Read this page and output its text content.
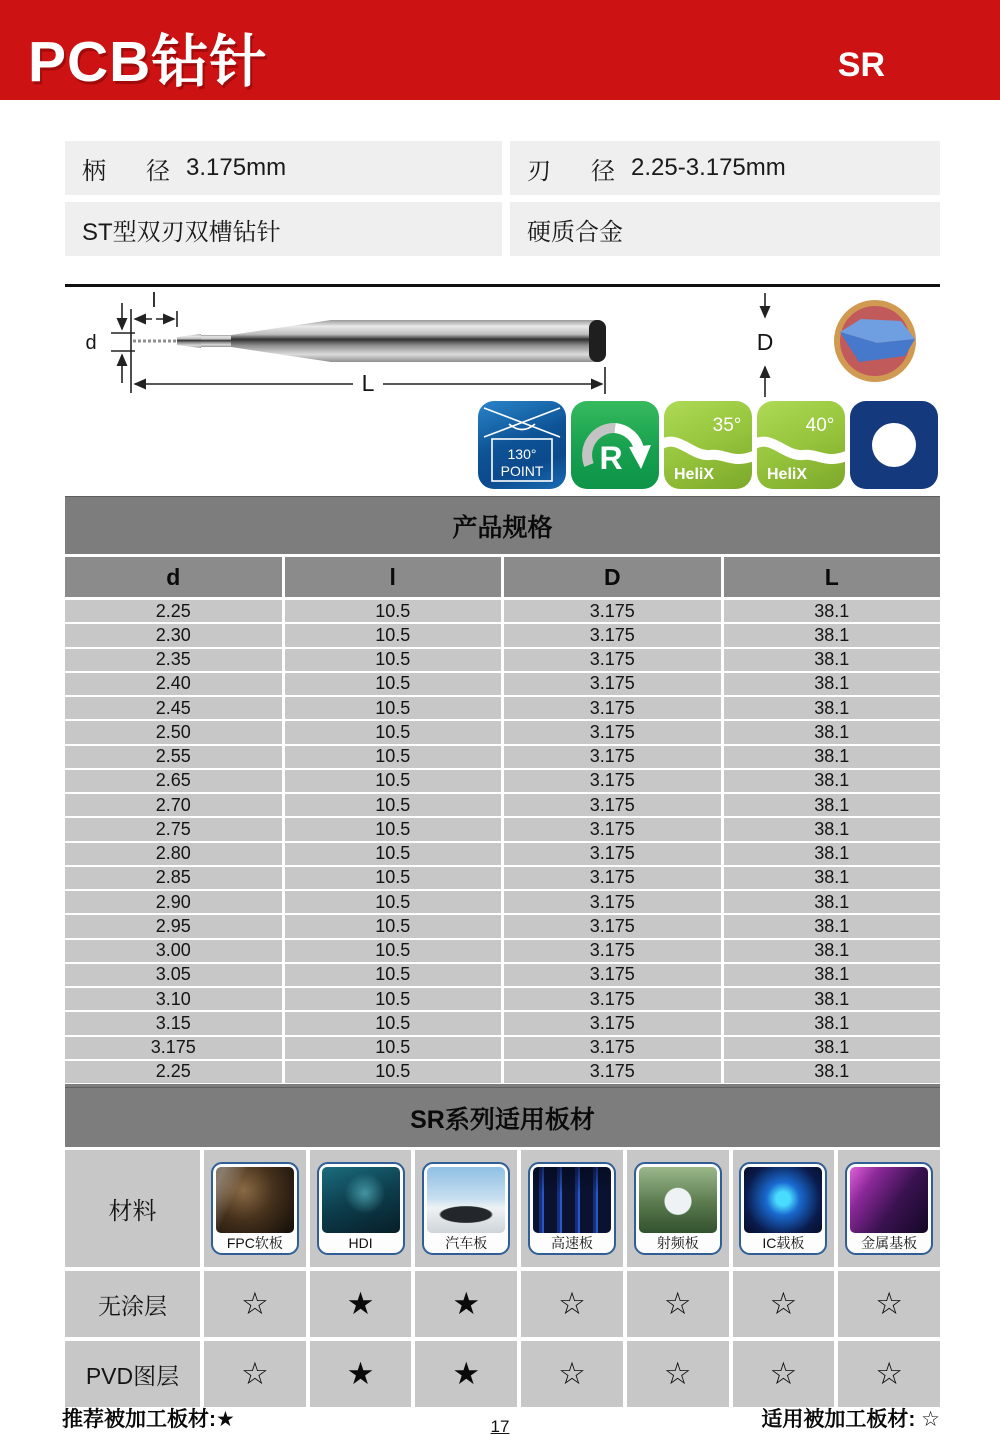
PCB钻针	SR
柄      径 3.175mm	刃      径 2.25-3.175mm
ST型双刃双槽钻针	硬质合金
l
d
L
D
130°
POINT R
35°
HeliX
40°
HeliX
产品规格
d	l	D	L
2.25	10.5	3.175	38.1
2.30	10.5	3.175	38.1
2.35	10.5	3.175	38.1
2.40	10.5	3.175	38.1
2.45	10.5	3.175	38.1
2.50	10.5	3.175	38.1
2.55	10.5	3.175	38.1
2.65	10.5	3.175	38.1
2.70	10.5	3.175	38.1
2.75	10.5	3.175	38.1
2.80	10.5	3.175	38.1
2.85	10.5	3.175	38.1
2.90	10.5	3.175	38.1
2.95	10.5	3.175	38.1
3.00	10.5	3.175	38.1
3.05	10.5	3.175	38.1
3.10	10.5	3.175	38.1
3.15	10.5	3.175	38.1
3.175	10.5	3.175	38.1
2.25	10.5	3.175	38.1
SR系列适用板材
材料
FPC软板	HDI	汽车板	高速板	射频板	IC载板	金属基板
无涂层	☆	★	★	☆	☆	☆	☆
PVD图层	☆	★	★	☆	☆	☆	☆
推荐被加工板材:★	适用被加工板材: ☆
17
